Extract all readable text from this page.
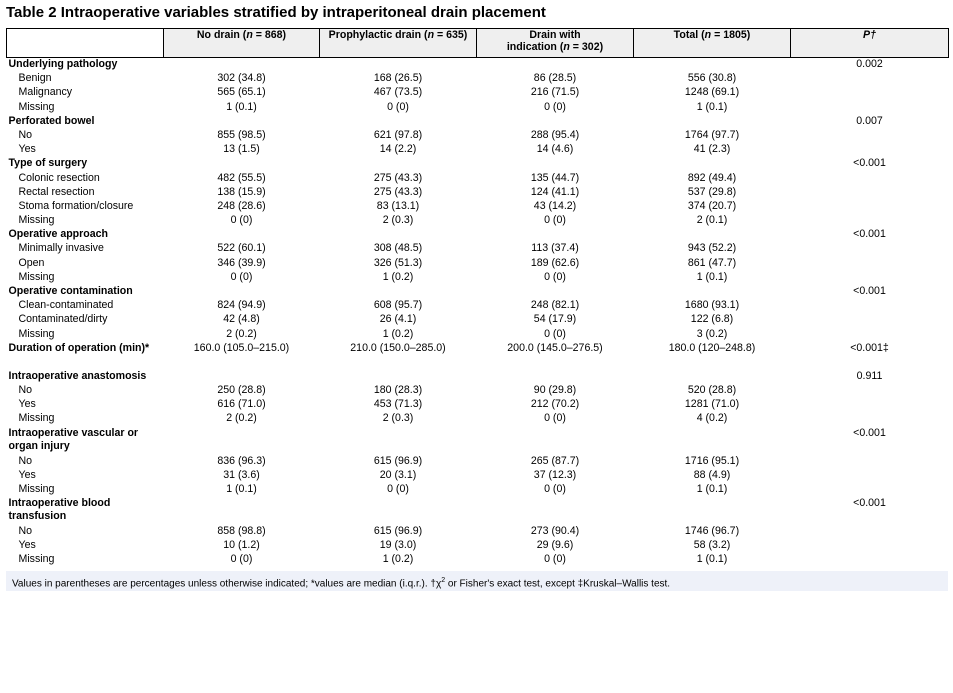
Table 2 Intraoperative variables stratified by intraperitoneal drain placement
	No drain (n = 868)	Prophylactic drain (n = 635)	Drain with
indication (n = 302)	Total (n = 1805)	P†
Underlying pathology					0.002
Benign	302 (34.8)	168 (26.5)	86 (28.5)	556 (30.8)	
Malignancy	565 (65.1)	467 (73.5)	216 (71.5)	1248 (69.1)	
Missing	1 (0.1)	0 (0)	0 (0)	1 (0.1)	
Perforated bowel					0.007
No	855 (98.5)	621 (97.8)	288 (95.4)	1764 (97.7)	
Yes	13 (1.5)	14 (2.2)	14 (4.6)	41 (2.3)	
Type of surgery					<0.001
Colonic resection	482 (55.5)	275 (43.3)	135 (44.7)	892 (49.4)	
Rectal resection	138 (15.9)	275 (43.3)	124 (41.1)	537 (29.8)	
Stoma formation/closure	248 (28.6)	83 (13.1)	43 (14.2)	374 (20.7)	
Missing	0 (0)	2 (0.3)	0 (0)	2 (0.1)	
Operative approach					<0.001
Minimally invasive	522 (60.1)	308 (48.5)	113 (37.4)	943 (52.2)	
Open	346 (39.9)	326 (51.3)	189 (62.6)	861 (47.7)	
Missing	0 (0)	1 (0.2)	0 (0)	1 (0.1)	
Operative contamination					<0.001
Clean-contaminated	824 (94.9)	608 (95.7)	248 (82.1)	1680 (93.1)	
Contaminated/dirty	42 (4.8)	26 (4.1)	54 (17.9)	122 (6.8)	
Missing	2 (0.2)	1 (0.2)	0 (0)	3 (0.2)	
Duration of operation (min)*	160.0 (105.0–215.0)	210.0 (150.0–285.0)	200.0 (145.0–276.5)	180.0 (120–248.8)	<0.001‡
Intraoperative anastomosis					0.911
No	250 (28.8)	180 (28.3)	90 (29.8)	520 (28.8)	
Yes	616 (71.0)	453 (71.3)	212 (70.2)	1281 (71.0)	
Missing	2 (0.2)	2 (0.3)	0 (0)	4 (0.2)	
Intraoperative vascular or organ injury					<0.001
No	836 (96.3)	615 (96.9)	265 (87.7)	1716 (95.1)	
Yes	31 (3.6)	20 (3.1)	37 (12.3)	88 (4.9)	
Missing	1 (0.1)	0 (0)	0 (0)	1 (0.1)	
Intraoperative blood transfusion					<0.001
No	858 (98.8)	615 (96.9)	273 (90.4)	1746 (96.7)	
Yes	10 (1.2)	19 (3.0)	29 (9.6)	58 (3.2)	
Missing	0 (0)	1 (0.2)	0 (0)	1 (0.1)	
Values in parentheses are percentages unless otherwise indicated; *values are median (i.q.r.). $\dagger\chi^2$ or Fisher's exact test, except ‡Kruskal–Wallis test.
